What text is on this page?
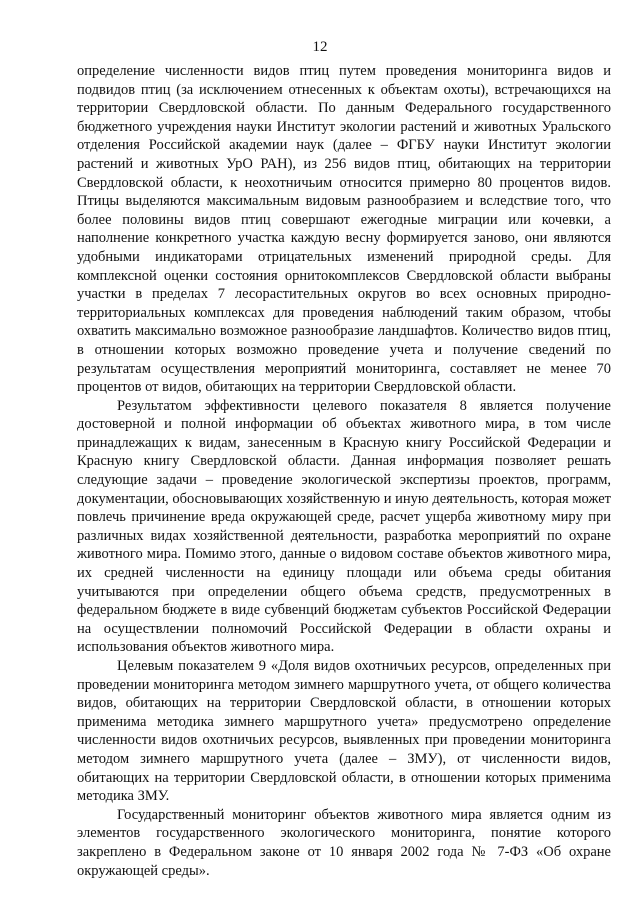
12

определение численности видов птиц путем проведения мониторинга видов и подвидов птиц (за исключением отнесенных к объектам охоты), встречающихся на территории Свердловской области. По данным Федерального государственного бюджетного учреждения науки Институт экологии растений и животных Уральского отделения Российской академии наук (далее – ФГБУ науки Институт экологии растений и животных УрО РАН), из 256 видов птиц, обитающих на территории Свердловской области, к неохотничьим относится примерно 80 процентов видов. Птицы выделяются максимальным видовым разнообразием и вследствие того, что более половины видов птиц совершают ежегодные миграции или кочевки, а наполнение конкретного участка каждую весну формируется заново, они являются удобными индикаторами отрицательных изменений природной среды. Для комплексной оценки состояния орнитокомплексов Свердловской области выбраны участки в пределах 7 лесорастительных округов во всех основных природно-территориальных комплексах для проведения наблюдений таким образом, чтобы охватить максимально возможное разнообразие ландшафтов. Количество видов птиц, в отношении которых возможно проведение учета и получение сведений по результатам осуществления мероприятий мониторинга, составляет не менее 70 процентов от видов, обитающих на территории Свердловской области.

Результатом эффективности целевого показателя 8 является получение достоверной и полной информации об объектах животного мира, в том числе принадлежащих к видам, занесенным в Красную книгу Российской Федерации и Красную книгу Свердловской области. Данная информация позволяет решать следующие задачи – проведение экологической экспертизы проектов, программ, документации, обосновывающих хозяйственную и иную деятельность, которая может повлечь причинение вреда окружающей среде, расчет ущерба животному миру при различных видах хозяйственной деятельности, разработка мероприятий по охране животного мира. Помимо этого, данные о видовом составе объектов животного мира, их средней численности на единицу площади или объема среды обитания учитываются при определении общего объема средств, предусмотренных в федеральном бюджете в виде субвенций бюджетам субъектов Российской Федерации на осуществлении полномочий Российской Федерации в области охраны и использования объектов животного мира.

Целевым показателем 9 «Доля видов охотничьих ресурсов, определенных при проведении мониторинга методом зимнего маршрутного учета, от общего количества видов, обитающих на территории Свердловской области, в отношении которых применима методика зимнего маршрутного учета» предусмотрено определение численности видов охотничьих ресурсов, выявленных при проведении мониторинга методом зимнего маршрутного учета (далее – ЗМУ), от численности видов, обитающих на территории Свердловской области, в отношении которых применима методика ЗМУ.

Государственный мониторинг объектов животного мира является одним из элементов государственного экологического мониторинга, понятие которого закреплено в Федеральном законе от 10 января 2002 года № 7-ФЗ «Об охране окружающей среды».
